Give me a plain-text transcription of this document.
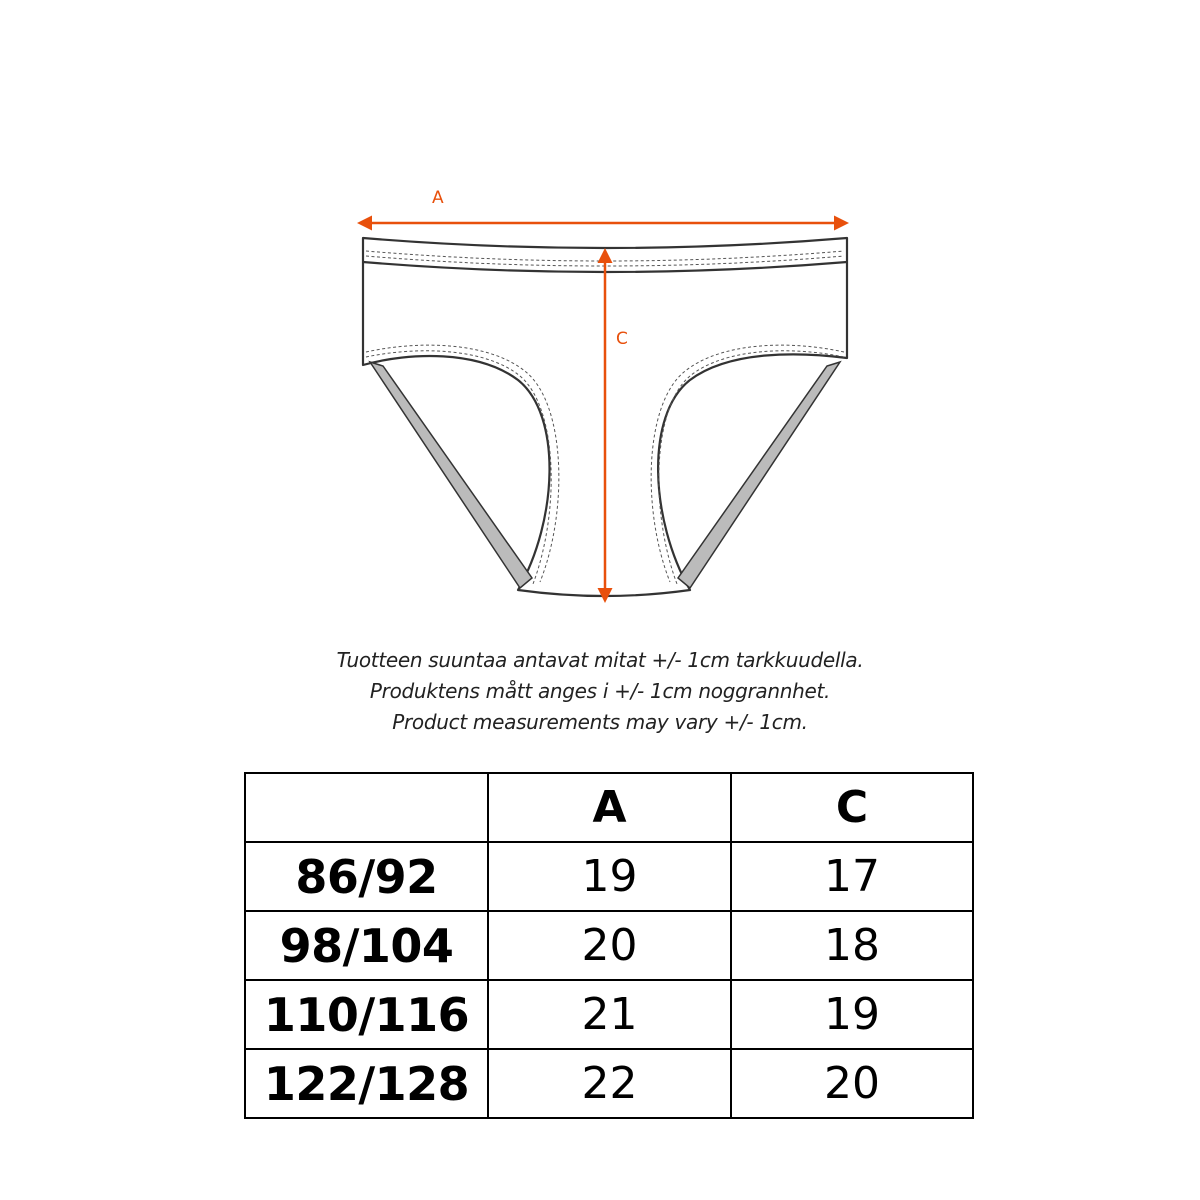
A
C
Tuotteen suuntaa antavat mitat +/- 1cm tarkkuudella.
Produktens mått anges i +/- 1cm noggrannhet.
Product measurements may vary +/- 1cm.
	A	C
86/92	19	17
98/104	20	18
110/116	21	19
122/128	22	20
